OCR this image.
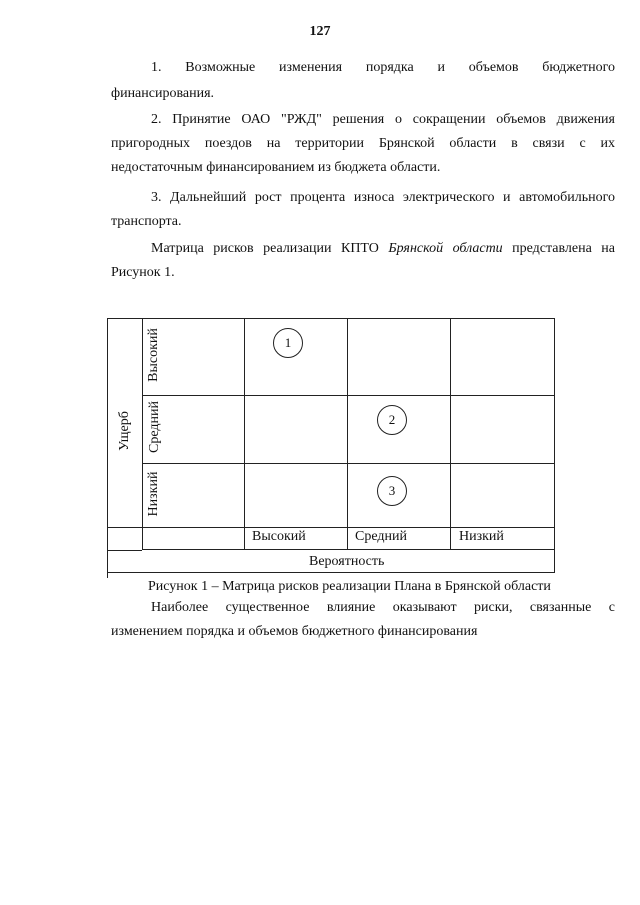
127

1. Возможные изменения порядка и объемов бюджетного

финансирования.

2. Принятие ОАО "РЖД" решения о сокращении объемов движения
пригородных поездов на территории Брянской области в связи с их
недостаточным финансированием из бюджета области.

3. Дальнейший рост процента износа электрического и автомобильного
транспорта.

Матрица рисков реализации КПТО Брянской области представлена на
Рисунок 1.

Ущерб
Вероятность
Высокий
Средний
Низкий
Высокий	Средний	Низкий
1
2
3
Рисунок 1 – Матрица рисков реализации Плана в Брянской области

Наиболее существенное влияние оказывают риски, связанные с
изменением порядка и объемов бюджетного финансирования
